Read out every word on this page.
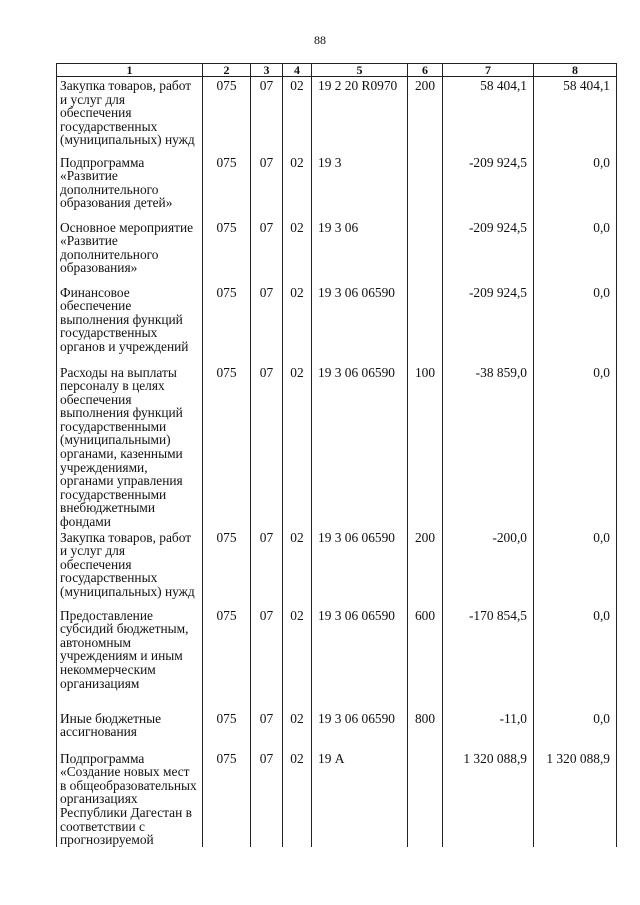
88
1	2	3	4	5	6	7	8
Закупка товаров, работ и услуг для обеспечения государственных (муниципальных) нужд	075	07	02	19 2 20 R0970	200	58 404,1	58 404,1
Подпрограмма «Развитие дополнительного образования детей»	075	07	02	19 3		-209 924,5	0,0
Основное мероприятие «Развитие дополнительного образования»	075	07	02	19 3 06		-209 924,5	0,0
Финансовое обеспечение выполнения функций государственных органов и учреждений	075	07	02	19 3 06 06590		-209 924,5	0,0
Расходы на выплаты персоналу в целях обеспечения выполнения функций государственными (муниципальными) органами, казенными учреждениями, органами управления государственными внебюджетными фондами	075	07	02	19 3 06 06590	100	-38 859,0	0,0
Закупка товаров, работ и услуг для обеспечения государственных (муниципальных) нужд	075	07	02	19 3 06 06590	200	-200,0	0,0
Предоставление субсидий бюджетным, автономным учреждениям и иным некоммерческим организациям	075	07	02	19 3 06 06590	600	-170 854,5	0,0
Иные бюджетные ассигнования	075	07	02	19 3 06 06590	800	-11,0	0,0
Подпрограмма «Создание новых мест в общеобразовательных организациях Республики Дагестан в соответствии с прогнозируемой	075	07	02	19 А		1 320 088,9	1 320 088,9
